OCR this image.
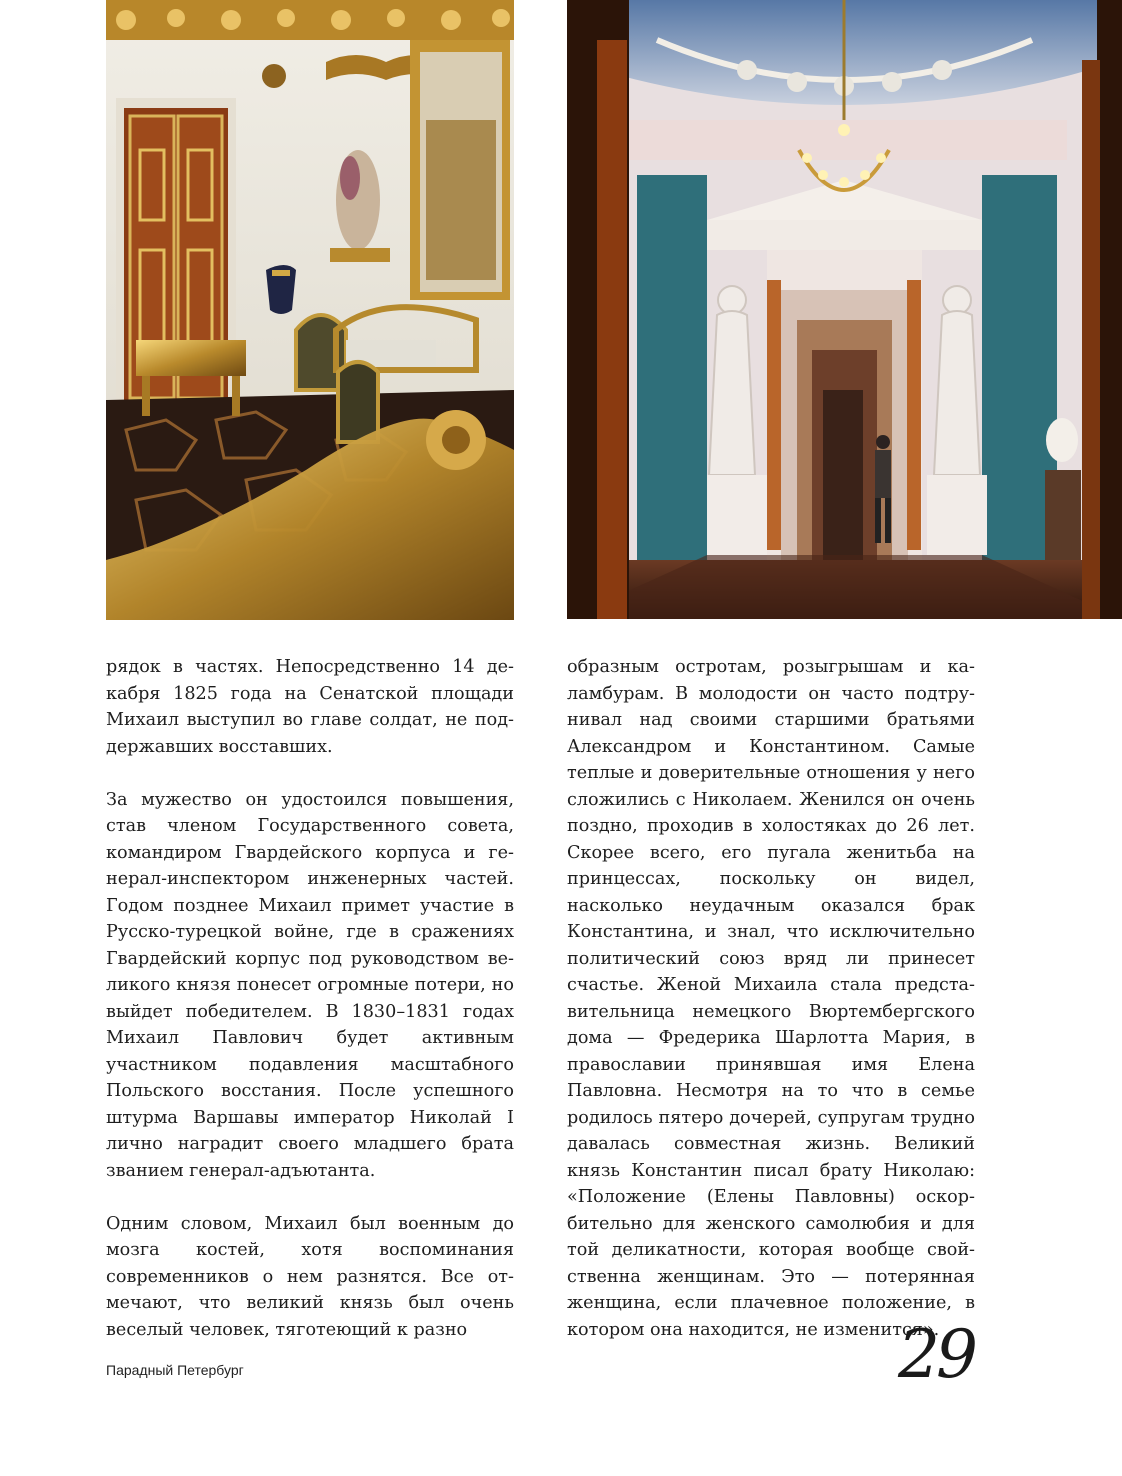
рядок в частях. Непосредственно 14 декабря 1825 года на Сенатской площади Михаил выступил во главе солдат, не поддержавших восставших.

За мужество он удостоился повышения, став членом Государственного совета, командиром Гвардейского корпуса и генерал-инспектором инженерных частей. Годом позднее Михаил примет участие в Русско-турецкой войне, где в сражениях Гвардейский корпус под руководством великого князя понесет огромные потери, но выйдет победителем. В 1830–1831 годах Михаил Павлович будет активным участником подавления масштабного Польского восстания. После успешного штурма Варшавы император Николай I лично наградит своего младшего брата званием генерал-адъютанта.

Одним словом, Михаил был военным до мозга костей, хотя воспоминания современников о нем разнятся. Все отмечают, что великий князь был очень веселый человек, тяготеющий к разно

образным остротам, розыгрышам и каламбурам. В молодости он часто подтрунивал над своими старшими братьями Александром и Константином. Самые теплые и доверительные отношения у него сложились с Николаем. Женился он очень поздно, проходив в холостяках до 26 лет. Скорее всего, его пугала женитьба на принцессах, поскольку он видел, насколько неудачным оказался брак Константина, и знал, что исключительно политический союз вряд ли принесет счастье. Женой Михаила стала представительница немецкого Вюртембергского дома — Фредерика Шарлотта Мария, в православии принявшая имя Елена Павловна. Несмотря на то что в семье родилось пятеро дочерей, супругам трудно давалась совместная жизнь. Великий князь Константин писал брату Николаю: «Положение (Елены Павловны) оскорбительно для женского самолюбия и для той деликатности, которая вообще свойственна женщинам. Это — потерянная женщина, если плачевное положение, в котором она находится, не изменится».

Парадный Петербург	29
